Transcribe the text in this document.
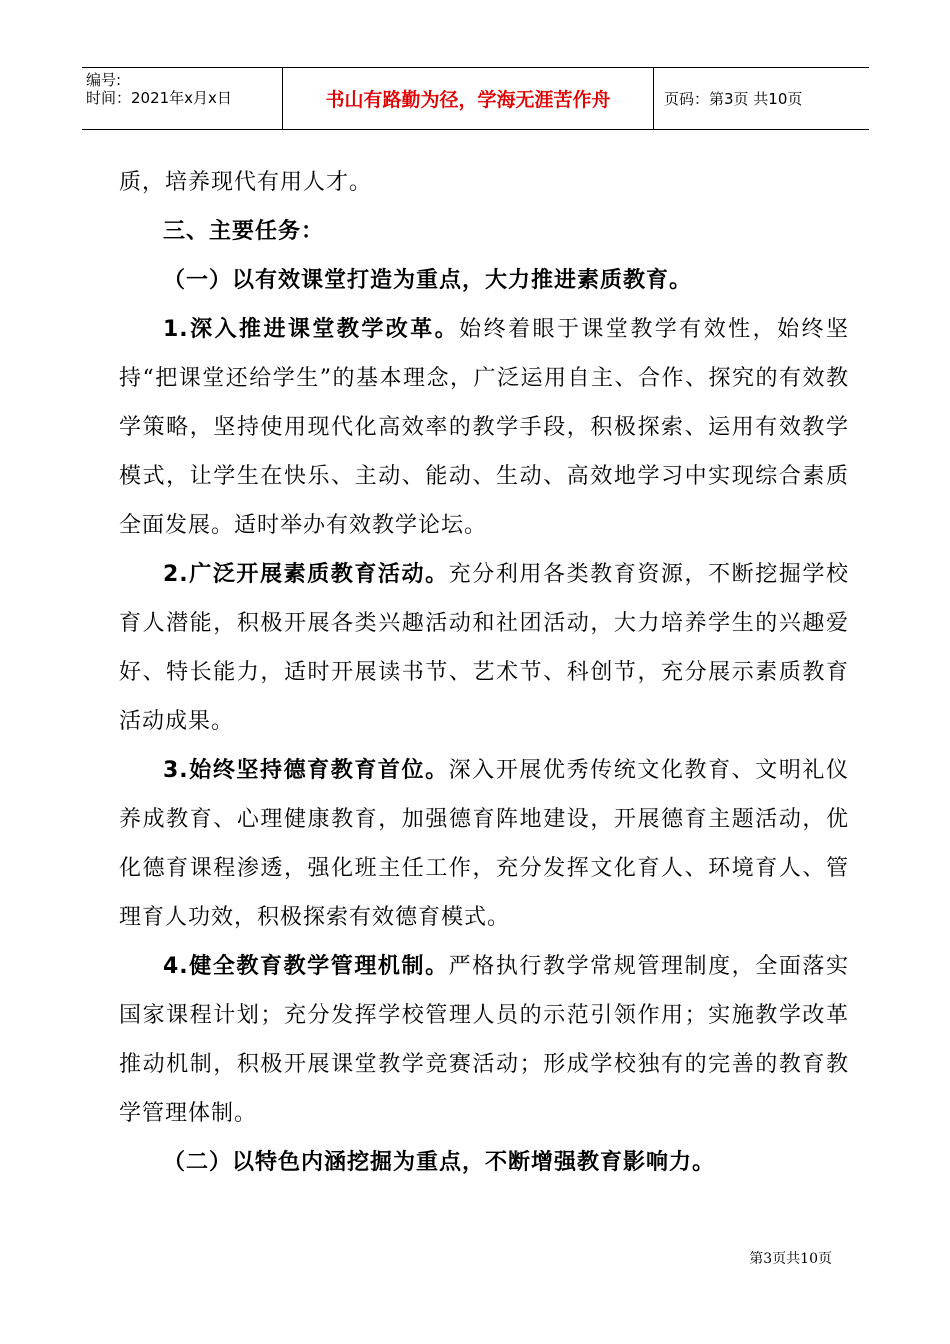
编号:
时间：2021年x月x日	书山有路勤为径，学海无涯苦作舟	页码：第3页 共10页

质，培养现代有用人才。

三、主要任务：

（一）以有效课堂打造为重点，大力推进素质教育。

1.深入推进课堂教学改革。始终着眼于课堂教学有效性，始终坚持“把课堂还给学生”的基本理念，广泛运用自主、合作、探究的有效教学策略，坚持使用现代化高效率的教学手段，积极探索、运用有效教学模式，让学生在快乐、主动、能动、生动、高效地学习中实现综合素质全面发展。适时举办有效教学论坛。

2.广泛开展素质教育活动。充分利用各类教育资源，不断挖掘学校育人潜能，积极开展各类兴趣活动和社团活动，大力培养学生的兴趣爱好、特长能力，适时开展读书节、艺术节、科创节，充分展示素质教育活动成果。

3.始终坚持德育教育首位。深入开展优秀传统文化教育、文明礼仪养成教育、心理健康教育，加强德育阵地建设，开展德育主题活动，优化德育课程渗透，强化班主任工作，充分发挥文化育人、环境育人、管理育人功效，积极探索有效德育模式。

4.健全教育教学管理机制。严格执行教学常规管理制度，全面落实国家课程计划；充分发挥学校管理人员的示范引领作用；实施教学改革推动机制，积极开展课堂教学竞赛活动；形成学校独有的完善的教育教学管理体制。

（二）以特色内涵挖掘为重点，不断增强教育影响力。

第3页共10页
